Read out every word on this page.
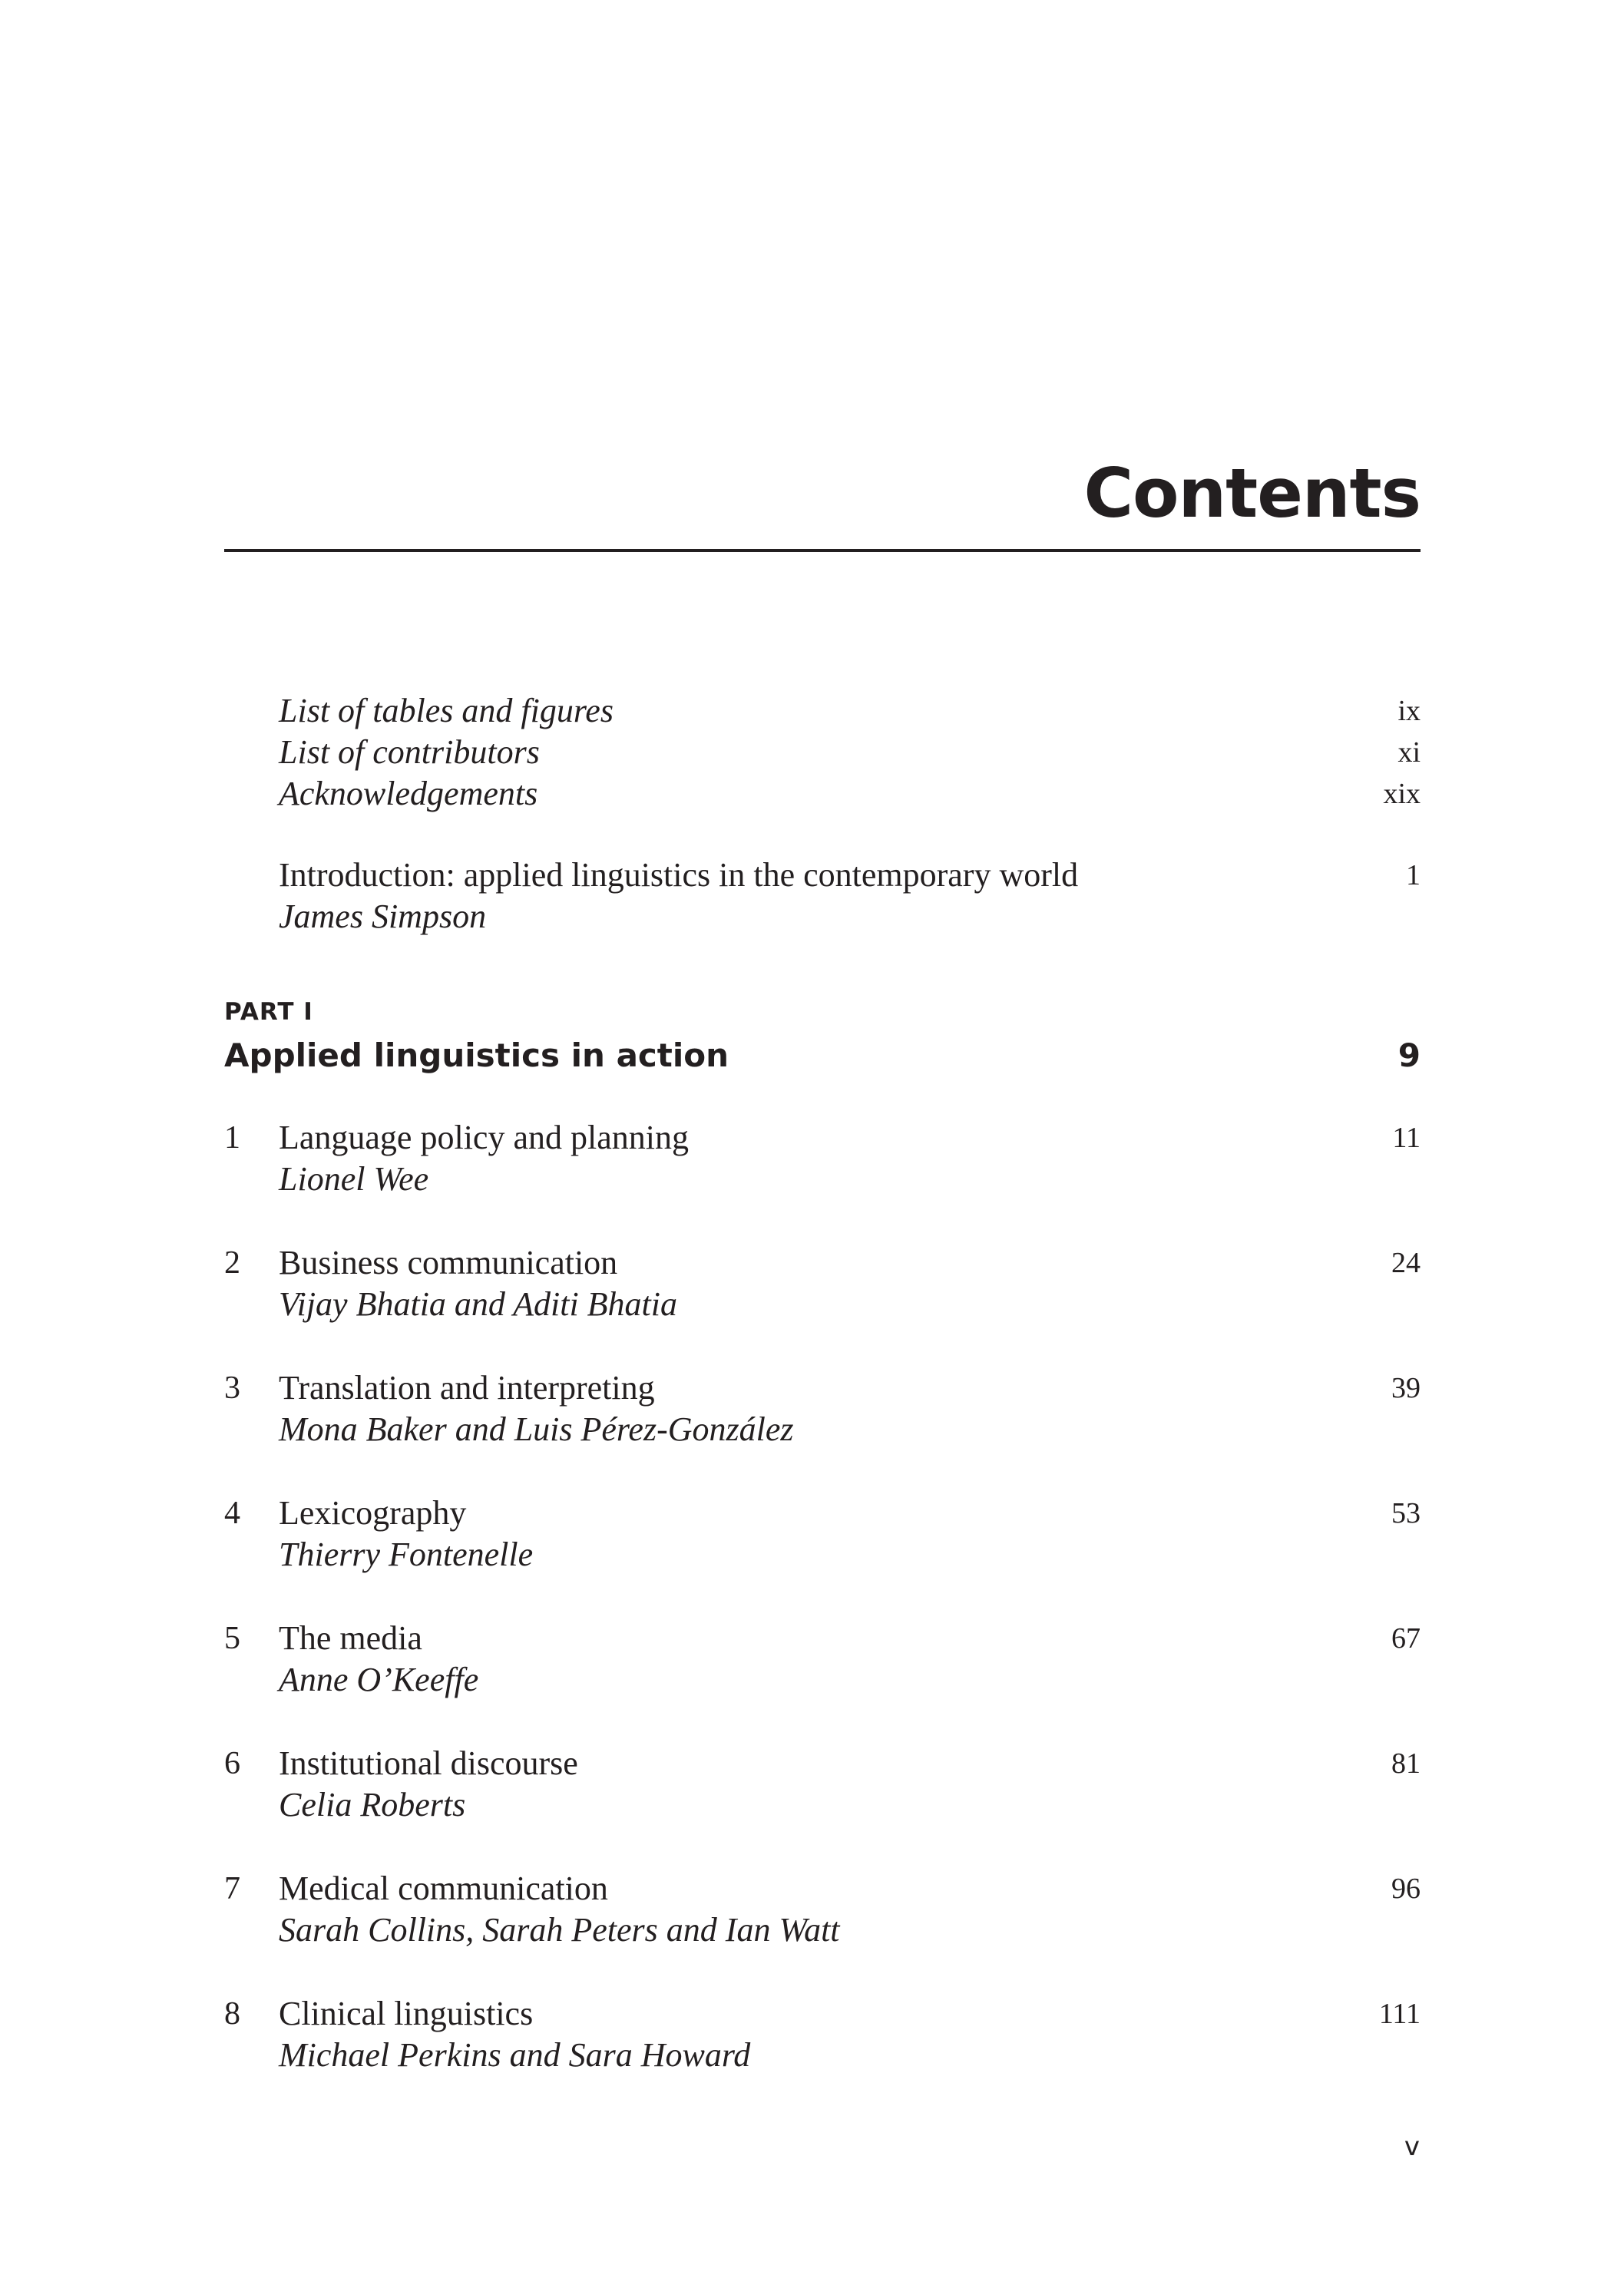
Contents
List of tables and figures	ix
List of contributors	xi
Acknowledgements	xix
Introduction: applied linguistics in the contemporary world	1
James Simpson
PART I
Applied linguistics in action	9
1 Language policy and planning	11
Lionel Wee
2 Business communication	24
Vijay Bhatia and Aditi Bhatia
3 Translation and interpreting	39
Mona Baker and Luis Pérez-González
4 Lexicography	53
Thierry Fontenelle
5 The media	67
Anne O’Keeffe
6 Institutional discourse	81
Celia Roberts
7 Medical communication	96
Sarah Collins, Sarah Peters and Ian Watt
8 Clinical linguistics	111
Michael Perkins and Sara Howard
v
